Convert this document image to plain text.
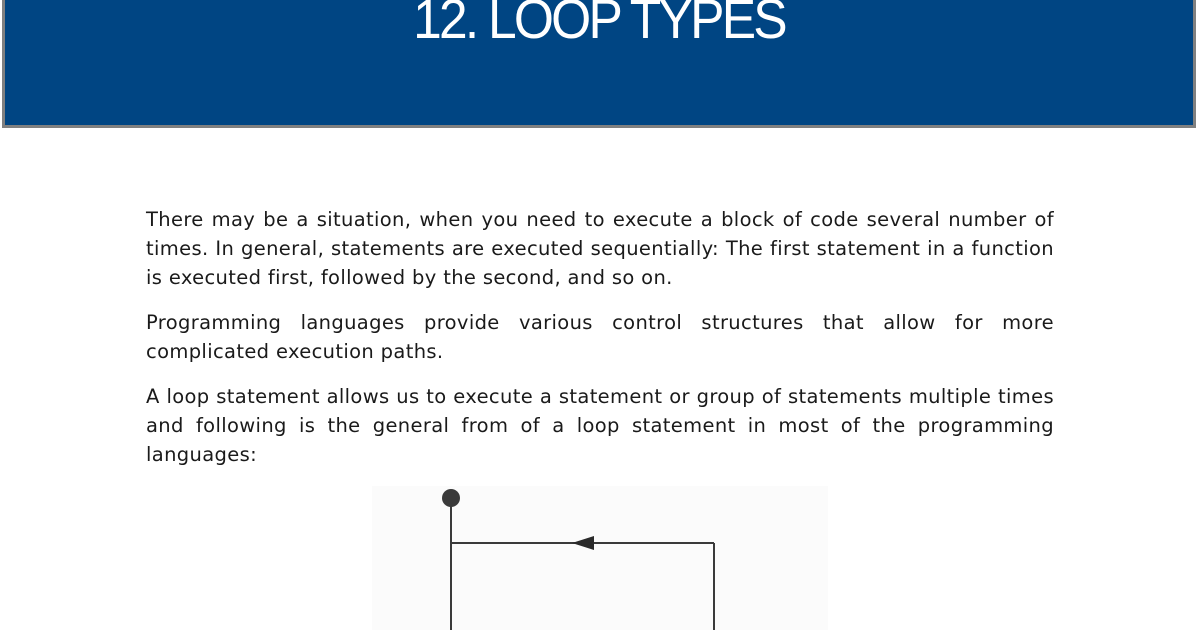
12. LOOP TYPES

There may be a situation, when you need to execute a block of code several number of times. In general, statements are executed sequentially: The first statement in a function is executed first, followed by the second, and so on.

Programming languages provide various control structures that allow for more complicated execution paths.

A loop statement allows us to execute a statement or group of statements multiple times and following is the general from of a loop statement in most of the programming languages:
